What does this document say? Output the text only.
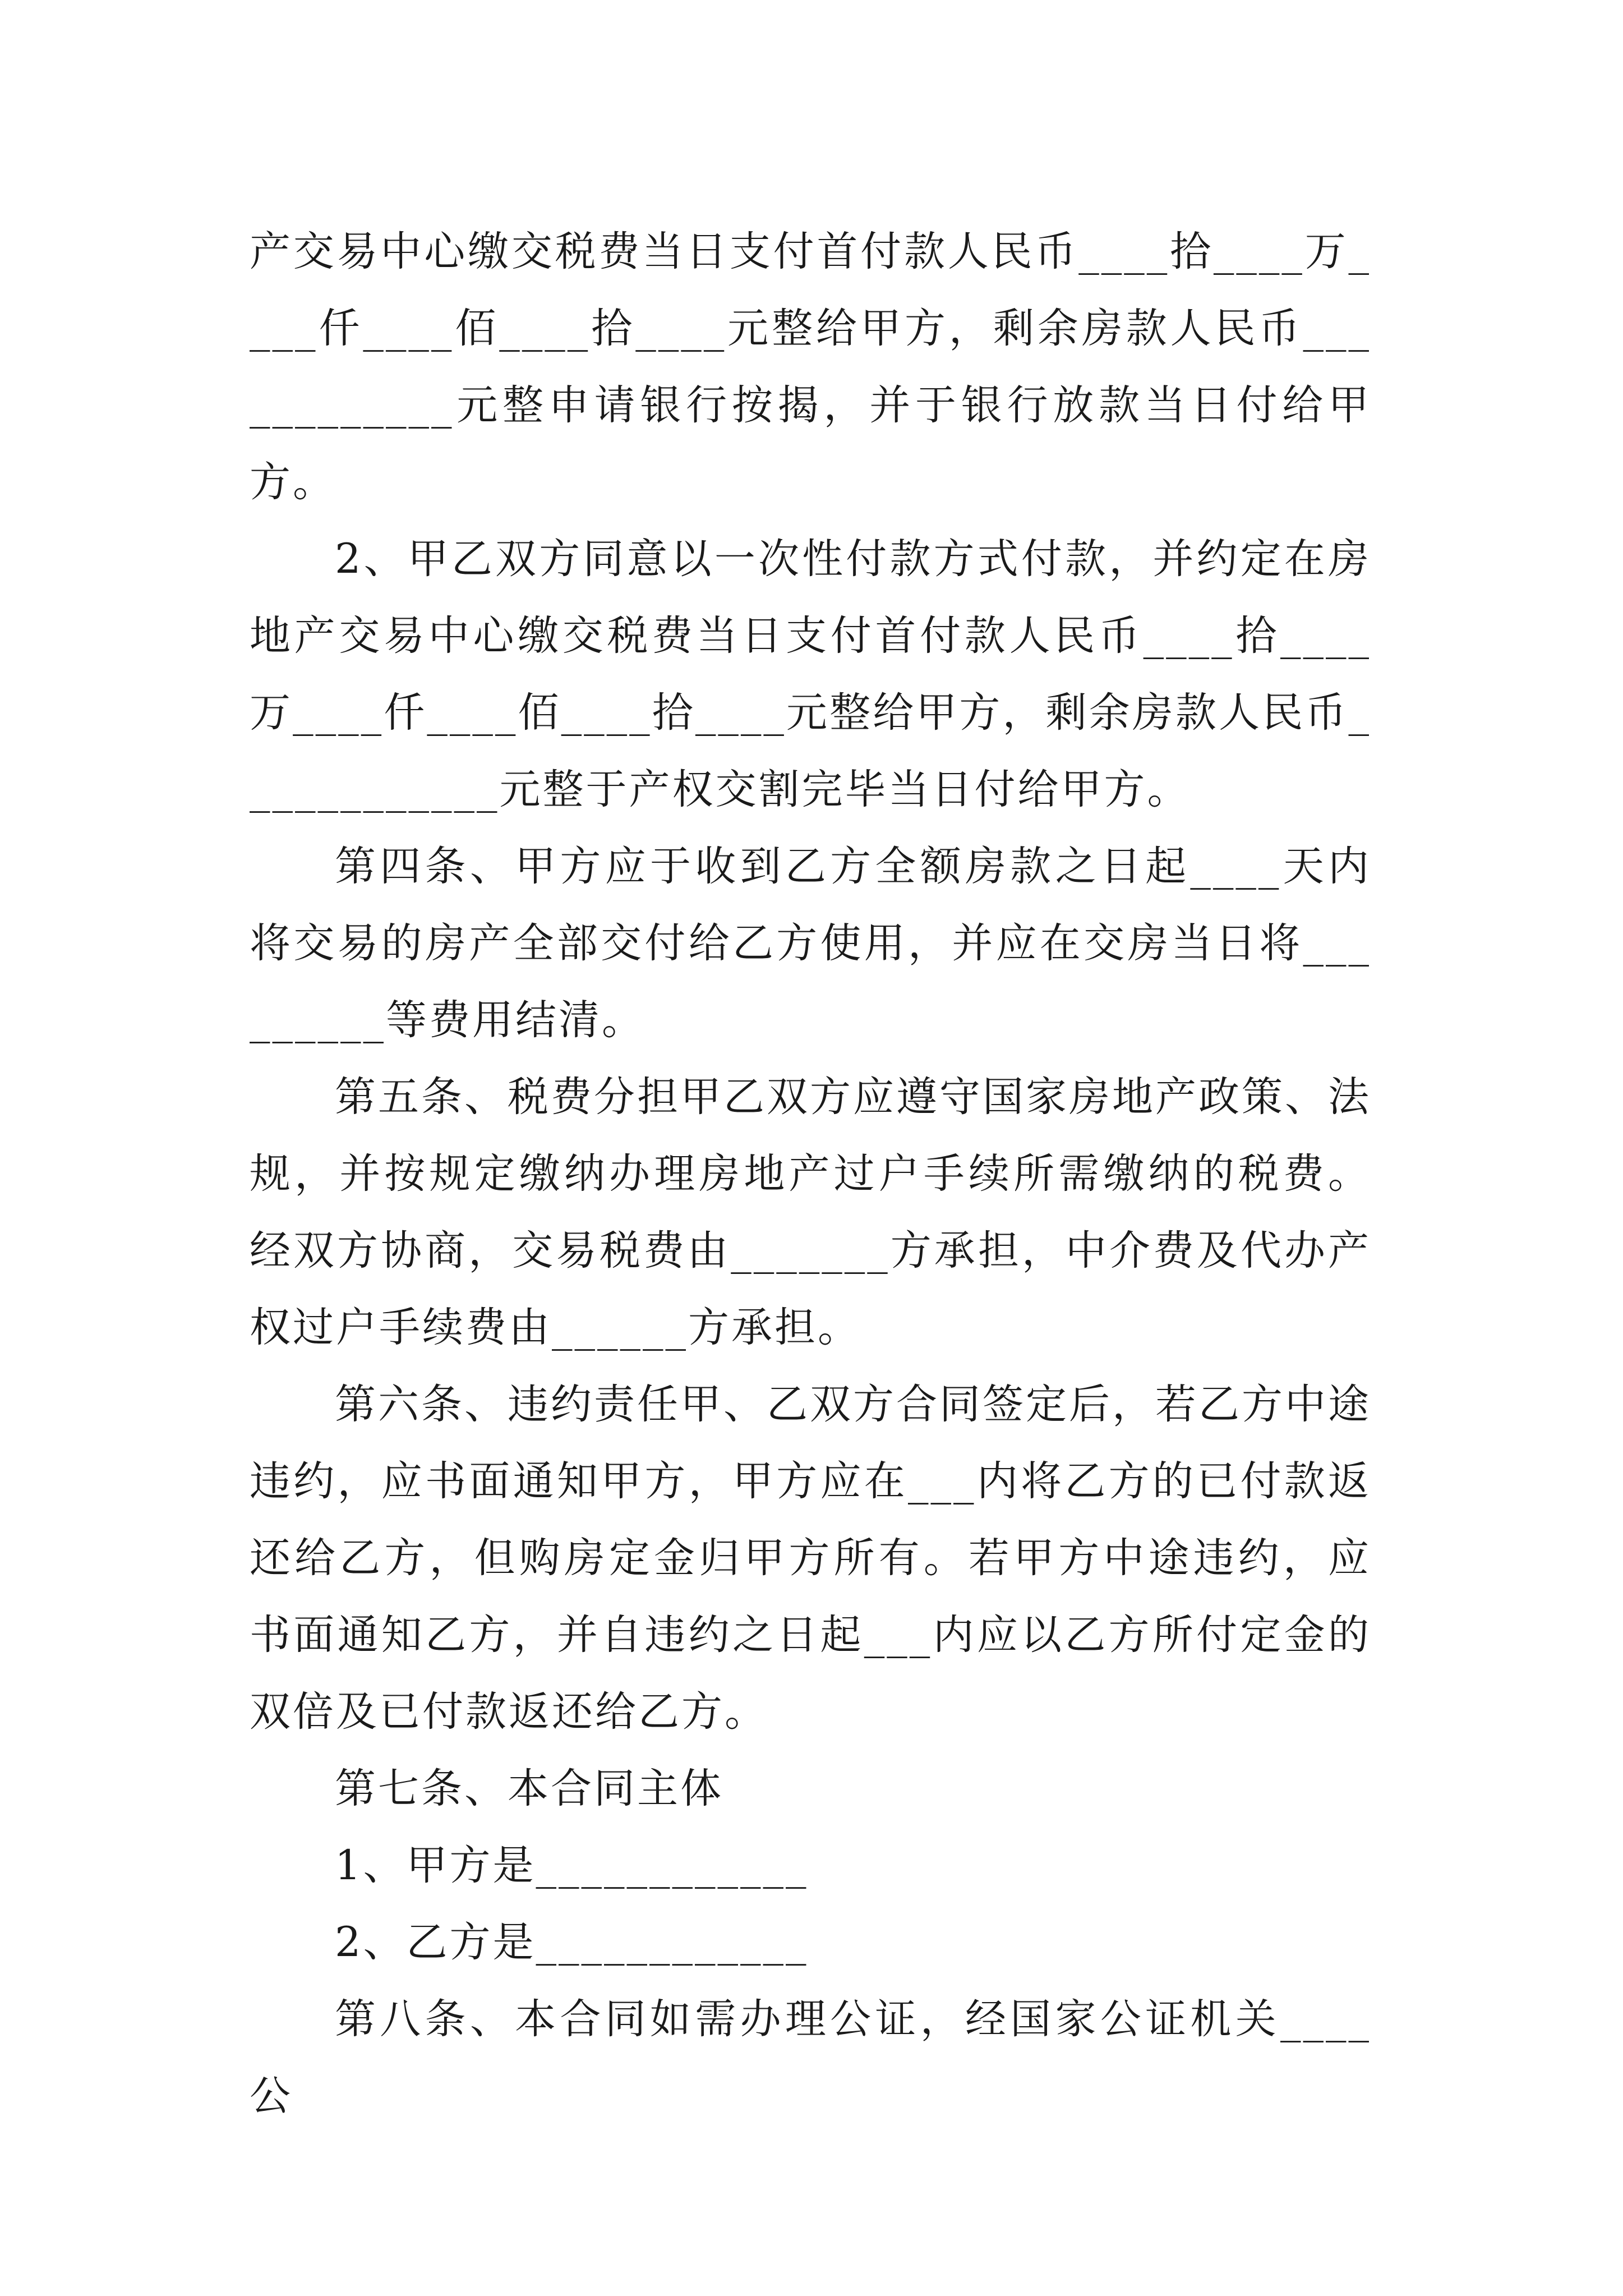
产交易中心缴交税费当日支付首付款人民币____拾____万____仟____佰____拾____元整给甲方，剩余房款人民币____________元整申请银行按揭，并于银行放款当日付给甲方。

2、甲乙双方同意以一次性付款方式付款，并约定在房地产交易中心缴交税费当日支付首付款人民币____拾____万____仟____佰____拾____元整给甲方，剩余房款人民币____________元整于产权交割完毕当日付给甲方。

第四条、甲方应于收到乙方全额房款之日起____天内将交易的房产全部交付给乙方使用，并应在交房当日将_________等费用结清。

第五条、税费分担甲乙双方应遵守国家房地产政策、法规，并按规定缴纳办理房地产过户手续所需缴纳的税费。经双方协商，交易税费由_______方承担，中介费及代办产权过户手续费由______方承担。

第六条、违约责任甲、乙双方合同签定后，若乙方中途违约，应书面通知甲方，甲方应在___内将乙方的已付款返还给乙方，但购房定金归甲方所有。若甲方中途违约，应书面通知乙方，并自违约之日起___内应以乙方所付定金的双倍及已付款返还给乙方。

第七条、本合同主体

1、甲方是____________

2、乙方是____________

第八条、本合同如需办理公证，经国家公证机关____公
